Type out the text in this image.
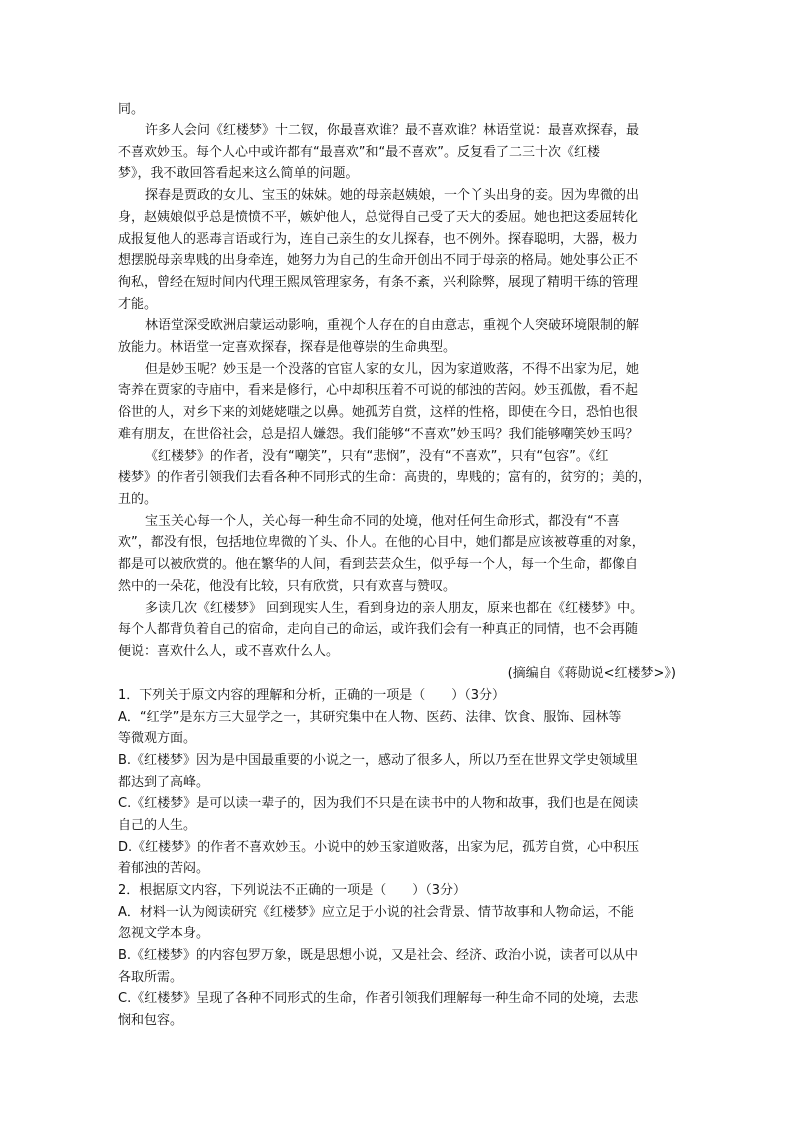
同。
许多人会问《红楼梦》十二钗，你最喜欢谁？最不喜欢谁？林语堂说：最喜欢探春，最
不喜欢妙玉。每个人心中或许都有“最喜欢”和“最不喜欢”。反复看了二三十次《红楼
梦》，我不敢回答看起来这么简单的问题。
探春是贾政的女儿、宝玉的妹妹。她的母亲赵姨娘，一个丫头出身的妾。因为卑微的出
身，赵姨娘似乎总是愤愤不平，嫉妒他人，总觉得自己受了天大的委屈。她也把这委屈转化
成报复他人的恶毒言语或行为，连自己亲生的女儿探春，也不例外。探春聪明，大器，极力
想摆脱母亲卑贱的出身牵连，她努力为自己的生命开创出不同于母亲的格局。她处事公正不
徇私，曾经在短时间内代理王熙凤管理家务，有条不紊，兴利除弊，展现了精明干练的管理
才能。
林语堂深受欧洲启蒙运动影响，重视个人存在的自由意志，重视个人突破环境限制的解
放能力。林语堂一定喜欢探春，探春是他尊崇的生命典型。
但是妙玉呢？妙玉是一个没落的官宦人家的女儿，因为家道败落，不得不出家为尼，她
寄养在贾家的寺庙中，看来是修行，心中却积压着不可说的郁浊的苦闷。妙玉孤傲，看不起
俗世的人，对乡下来的刘姥姥嗤之以鼻。她孤芳自赏，这样的性格，即使在今日，恐怕也很
难有朋友，在世俗社会，总是招人嫌怨。我们能够“不喜欢”妙玉吗？我们能够嘲笑妙玉吗？
《红楼梦》的作者，没有“嘲笑”，只有“悲悯”，没有“不喜欢”，只有“包容”。《红
楼梦》的作者引领我们去看各种不同形式的生命：高贵的，卑贱的；富有的，贫穷的；美的，
丑的。
宝玉关心每一个人，关心每一种生命不同的处境，他对任何生命形式，都没有“不喜
欢”，都没有恨，包括地位卑微的丫头、仆人。在他的心目中，她们都是应该被尊重的对象，
都是可以被欣赏的。他在繁华的人间，看到芸芸众生，似乎每一个人，每一个生命，都像自
然中的一朵花，他没有比较，只有欣赏，只有欢喜与赞叹。
多读几次《红楼梦》 回到现实人生，看到身边的亲人朋友，原来也都在《红楼梦》中。
每个人都背负着自己的宿命，走向自己的命运，或许我们会有一种真正的同情，也不会再随
便说：喜欢什么人，或不喜欢什么人。
(摘编自《蒋勋说<红楼梦>》)
1．下列关于原文内容的理解和分析，正确的一项是（　　）（3分）
A．“红学”是东方三大显学之一，其研究集中在人物、医药、法律、饮食、服饰、园林等
等微观方面。
B.《红楼梦》因为是中国最重要的小说之一，感动了很多人，所以乃至在世界文学史领域里
都达到了高峰。
C.《红楼梦》是可以读一辈子的，因为我们不只是在读书中的人物和故事，我们也是在阅读
自己的人生。
D.《红楼梦》的作者不喜欢妙玉。小说中的妙玉家道败落，出家为尼，孤芳自赏，心中积压
着郁浊的苦闷。
2．根据原文内容，下列说法不正确的一项是（　　）（3分）
A．材料一认为阅读研究《红楼梦》应立足于小说的社会背景、情节故事和人物命运，不能
忽视文学本身。
B.《红楼梦》的内容包罗万象，既是思想小说，又是社会、经济、政治小说，读者可以从中
各取所需。
C.《红楼梦》呈现了各种不同形式的生命，作者引领我们理解每一种生命不同的处境，去悲
悯和包容。
